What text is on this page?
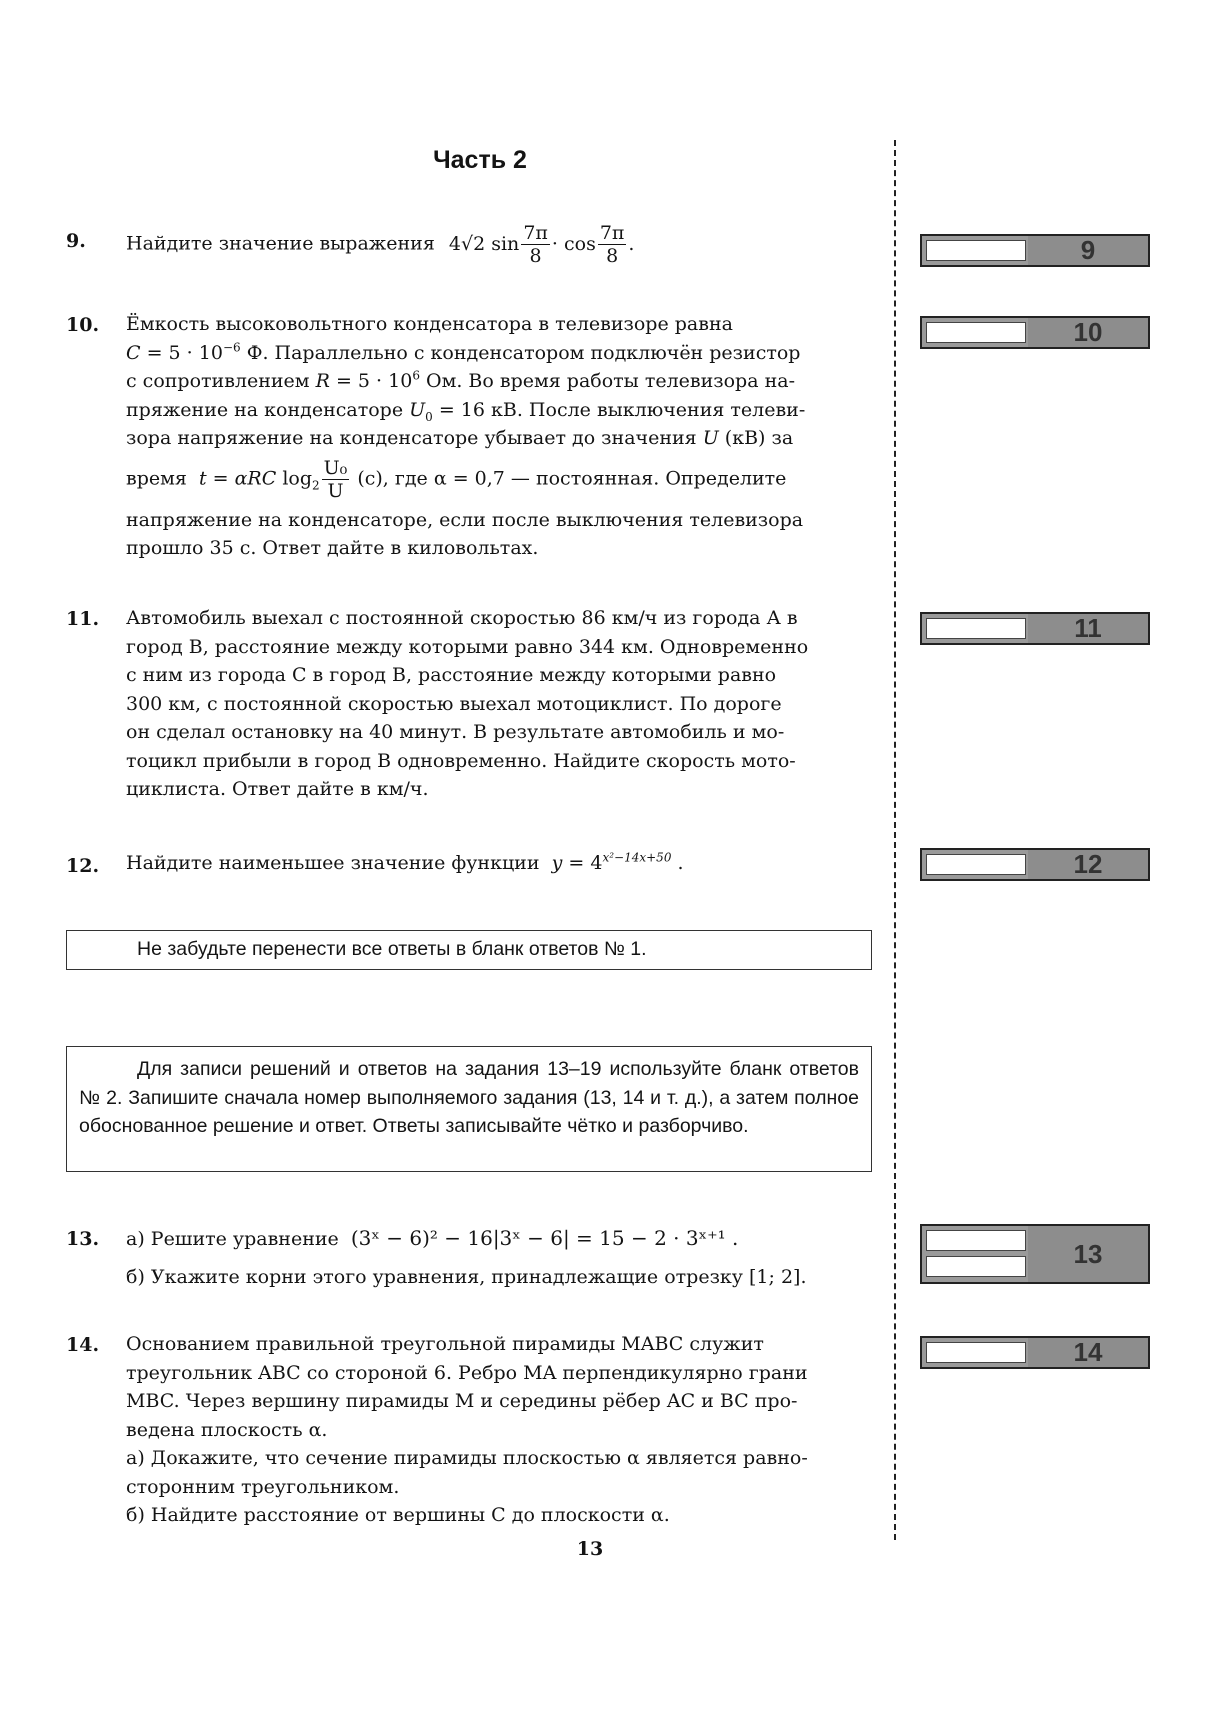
Часть 2
9. Найдите значение выражения 4√2 $\sin \frac{7\pi}{8} \cdot \cos \frac{7\pi}{8}$ .	9
10. Ёмкость высоковольтного конденсатора в телевизоре равна

$C = 5 \cdot 10^{-6}$ Ф. Параллельно с конденсатором подключён резистор

с сопротивлением $R = 5 \cdot 10^6$ Ом. Во время работы телевизора на-

пряжение на конденсаторе $U_0 = 16$ кВ. После выключения телеви-

зора напряжение на конденсаторе убывает до значения U (кВ) за

время t = αRC $\log_2 \frac{\text{U₀}}{U} (с)$, где α = 0,7 — постоянная. Определите

напряжение на конденсаторе, если после выключения телевизора

прошло 35 с. Ответ дайте в киловольтах.

10
11. Автомобиль выехал с постоянной скоростью 86 км/ч из города А в

город В, расстояние между которыми равно 344 км. Одновременно

с ним из города С в город В, расстояние между которыми равно

300 км, с постоянной скоростью выехал мотоциклист. По дороге

он сделал остановку на 40 минут. В результате автомобиль и мо-

тоцикл прибыли в город В одновременно. Найдите скорость мото-

циклиста. Ответ дайте в км/ч.

11
12. Найдите наименьшее значение функции $y = 4^{x^2-14x+50}$ .	12
Не забудьте перенести все ответы в бланк ответов № 1.
Для записи решений и ответов на задания 13–19 используйте бланк ответов № 2. Запишите сначала номер выполняемого задания (13, 14 и т. д.), а затем полное обоснованное решение и ответ. Ответы записывайте чётко и разборчиво.
13. а) Решите уравнение (3ˣ − 6)² − 16|3ˣ − 6| = 15 − 2 · 3ˣ⁺¹ .
б) Укажите корни этого уравнения, принадлежащие отрезку [1; 2].
13
14. Основанием правильной треугольной пирамиды MABC служит

треугольник ABC со стороной 6. Ребро MA перпендикулярно грани

MBC. Через вершину пирамиды M и середины рёбер AC и BC про-

ведена плоскость α.

а) Докажите, что сечение пирамиды плоскостью α является равно-

сторонним треугольником.

б) Найдите расстояние от вершины C до плоскости α.

14
13
